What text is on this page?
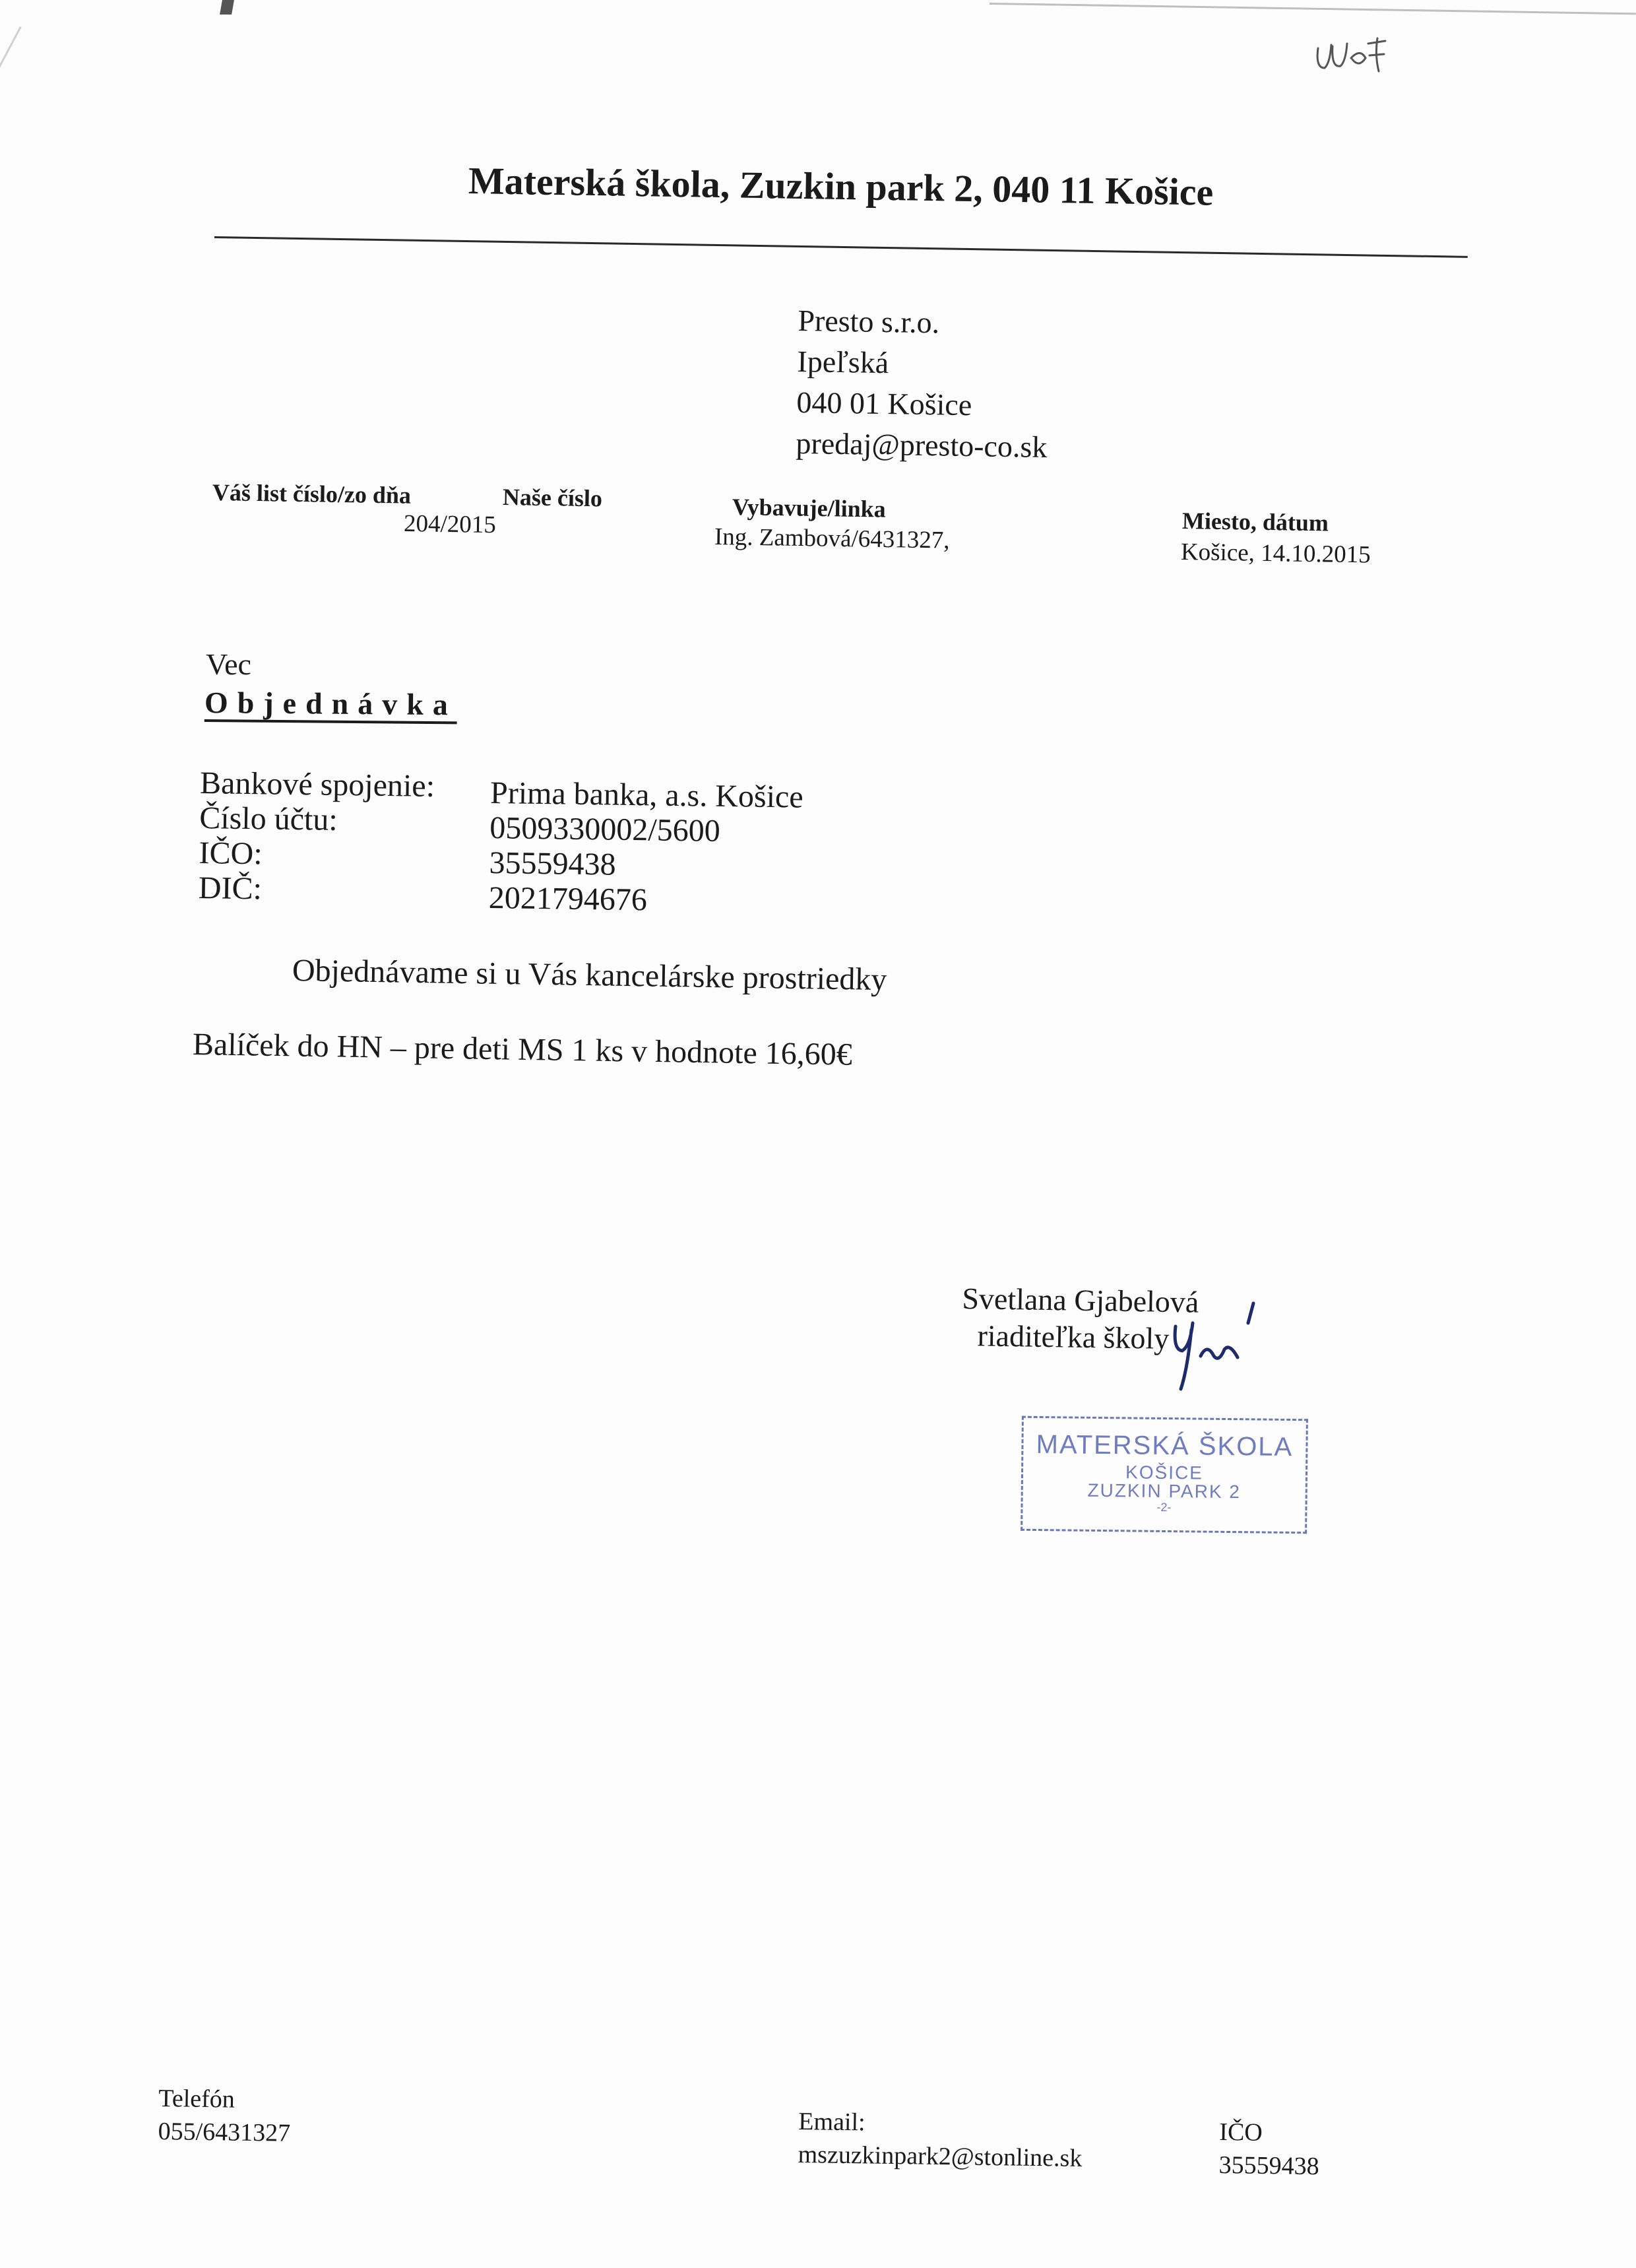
Materská škola, Zuzkin park 2, 040 11 Košice
Presto s.r.o.
Ipeľská
040 01 Košice
predaj@presto-co.sk
Váš list číslo/zo dňa	Naše číslo
204/2015
Vybavuje/linka
Ing. Zambová/6431327,
Miesto, dátum
Košice, 14.10.2015
Vec
Objednávka
Bankové spojenie:
Číslo účtu:
IČO:
DIČ:
Prima banka, a.s. Košice
0509330002/5600
35559438
2021794676
Objednávame si u Vás kancelárske prostriedky
Balíček do HN – pre deti MS 1 ks v hodnote 16,60€
Svetlana Gjabelová
riaditeľka školy
MATERSKÁ ŠKOLA
KOŠICE
ZUZKIN PARK 2
-2-
Telefón
055/6431327	Email:
mszuzkinpark2@stonline.sk
IČO
35559438
